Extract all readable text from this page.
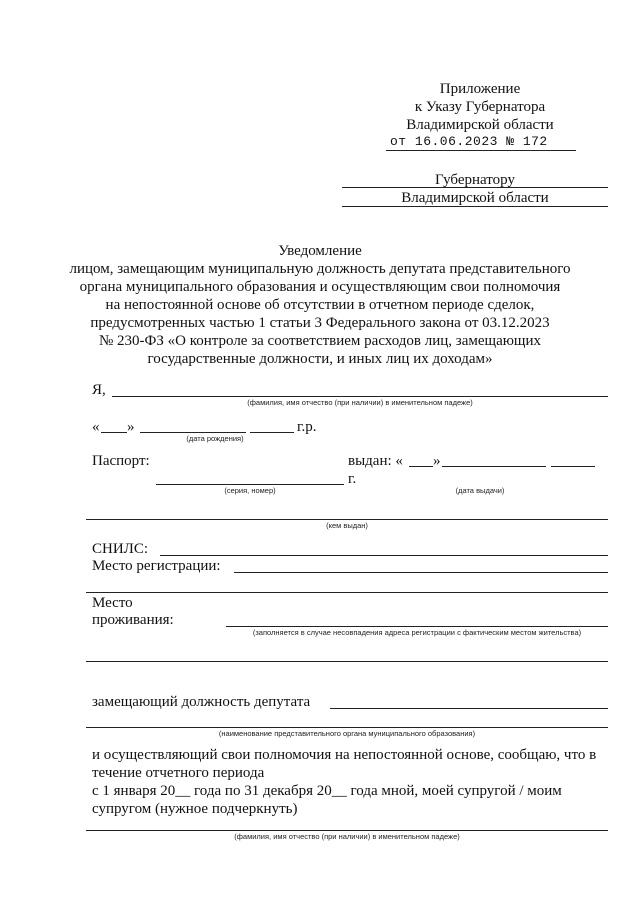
Приложение
к Указу Губернатора
Владимирской области
от 16.06.2023 № 172
Губернатору
Владимирской области
Уведомление
лицом, замещающим муниципальную должность депутата представительного
органа муниципального образования и осуществляющим свои полномочия
на непостоянной основе об отсутствии в отчетном периоде сделок,
предусмотренных частью 1 статьи 3 Федерального закона от 03.12.2023
№ 230-ФЗ «О контроле за соответствием расходов лиц, замещающих
государственные должности, и иных лиц их доходам»
Я,
(фамилия, имя отчество (при наличии) в именительном падеже)
« »	г.р.
(дата рождения)
Паспорт:	выдан: « »
г.
(серия, номер)	(дата выдачи)
(кем выдан)
СНИЛС:
Место регистрации:
Место
проживания:
(заполняется в случае несовпадения адреса регистрации с фактическим местом жительства)
замещающий должность депутата
(наименование представительного органа муниципального образования)
и осуществляющий свои полномочия на непостоянной основе, сообщаю, что в
течение отчетного периода
с 1 января 20__ года по 31 декабря 20__ года мной, моей супругой / моим
супругом (нужное подчеркнуть)
(фамилия, имя отчество (при наличии) в именительном падеже)
